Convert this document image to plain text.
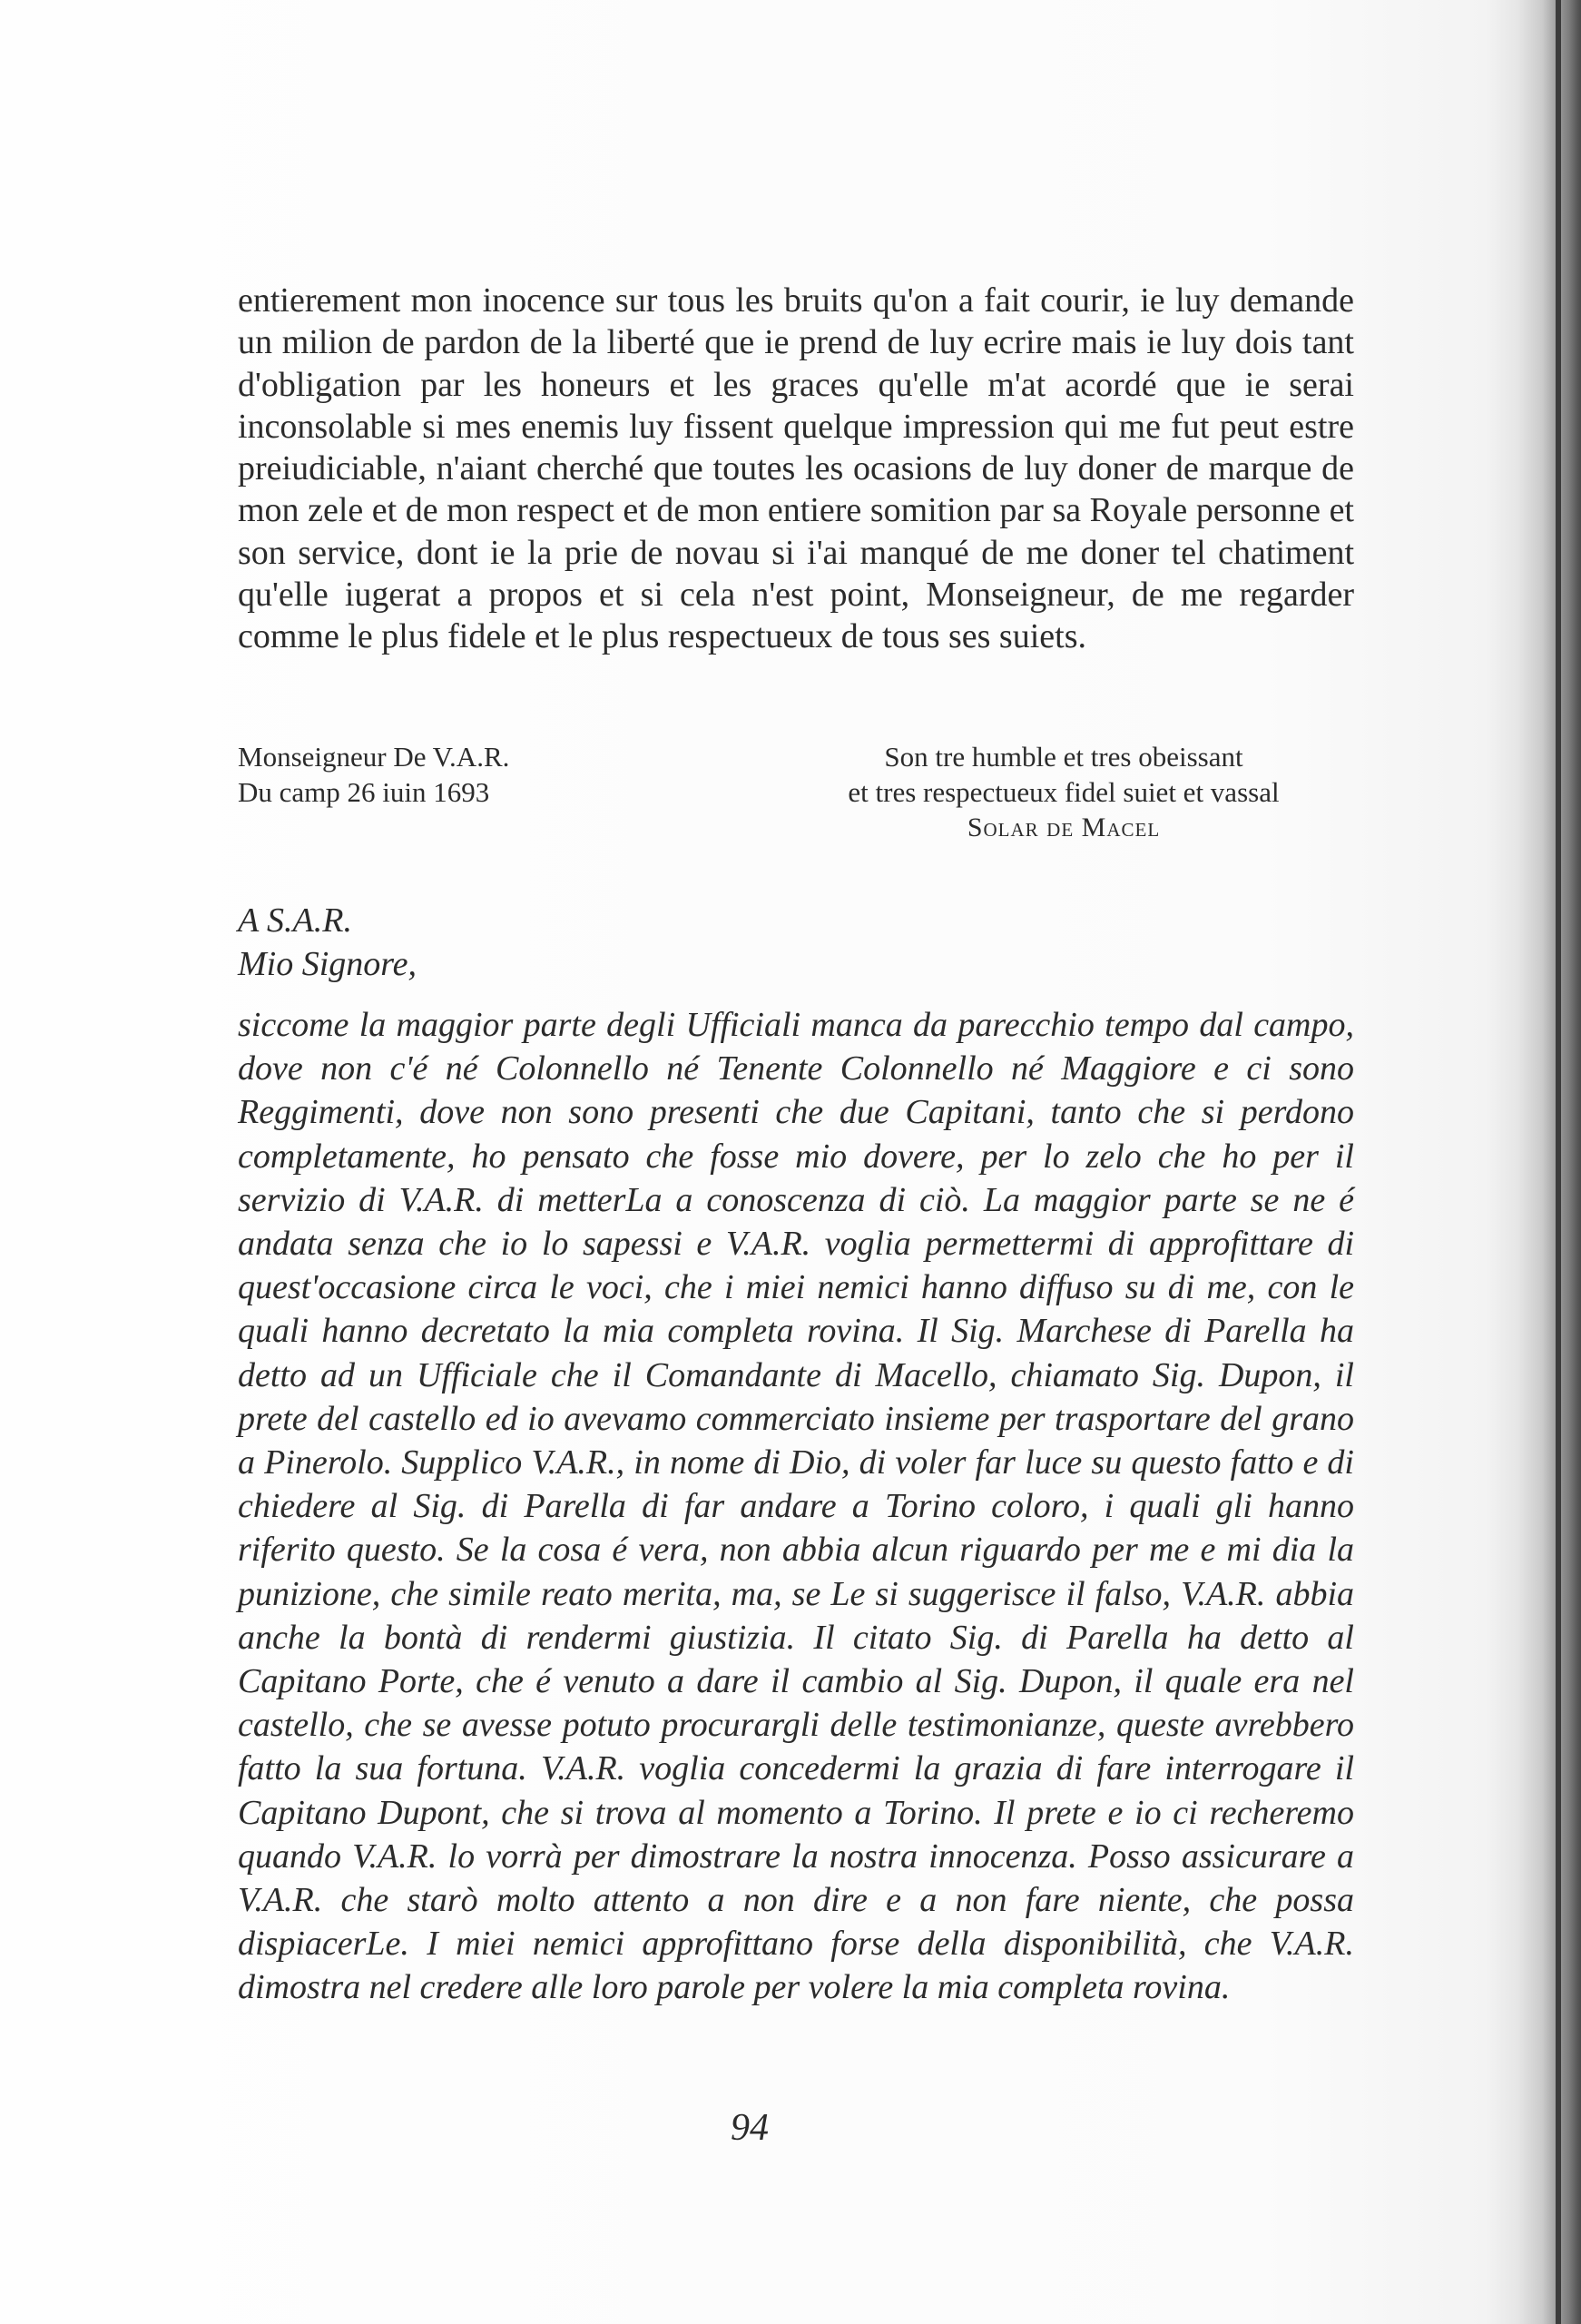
entierement mon inocence sur tous les bruits qu'on a fait courir, ie luy demande un milion de pardon de la liberté que ie prend de luy ecrire mais ie luy dois tant d'obligation par les honeurs et les graces qu'elle m'at acordé que ie serai inconsolable si mes enemis luy fissent quelque impression qui me fut peut estre preiudiciable, n'aiant cherché que toutes les ocasions de luy doner de marque de mon zele et de mon respect et de mon entiere somition par sa Royale personne et son service, dont ie la prie de novau si i'ai manqué de me doner tel chatiment qu'elle iugerat a propos et si cela n'est point, Monseigneur, de me regarder comme le plus fidele et le plus respectueux de tous ses suiets.

Monseigneur De V.A.R.
Du camp 26 iuin 1693
Son tre humble et tres obeissant
et tres respectueux fidel suiet et vassal
Solar de Macel
A S.A.R.
Mio Signore,

siccome la maggior parte degli Ufficiali manca da parecchio tempo dal campo, dove non c'é né Colonnello né Tenente Colonnello né Maggiore e ci sono Reggimenti, dove non sono presenti che due Capitani, tanto che si perdono completamente, ho pensato che fosse mio dovere, per lo zelo che ho per il servizio di V.A.R. di metterLa a conoscenza di ciò. La maggior parte se ne é andata senza che io lo sapessi e V.A.R. voglia permettermi di approfittare di quest'occasione circa le voci, che i miei nemici hanno diffuso su di me, con le quali hanno decretato la mia completa rovina. Il Sig. Marchese di Parella ha detto ad un Ufficiale che il Comandante di Macello, chiamato Sig. Dupon, il prete del castello ed io avevamo commerciato insieme per trasportare del grano a Pinerolo. Supplico V.A.R., in nome di Dio, di voler far luce su questo fatto e di chiedere al Sig. di Parella di far andare a Torino coloro, i quali gli hanno riferito questo. Se la cosa é vera, non abbia alcun riguardo per me e mi dia la punizione, che simile reato merita, ma, se Le si suggerisce il falso, V.A.R. abbia anche la bontà di rendermi giustizia. Il citato Sig. di Parella ha detto al Capitano Porte, che é venuto a dare il cambio al Sig. Dupon, il quale era nel castello, che se avesse potuto procurargli delle testimonianze, queste avrebbero fatto la sua fortuna. V.A.R. voglia concedermi la grazia di fare interrogare il Capitano Dupont, che si trova al momento a Torino. Il prete e io ci recheremo quando V.A.R. lo vorrà per dimostrare la nostra innocenza. Posso assicurare a V.A.R. che starò molto attento a non dire e a non fare niente, che possa dispiacerLe. I miei nemici approfittano forse della disponibilità, che V.A.R. dimostra nel credere alle loro parole per volere la mia completa rovina.

94
